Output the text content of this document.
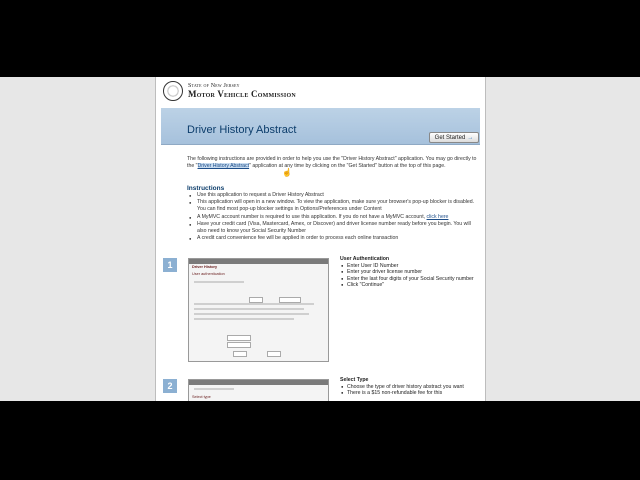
State of New Jersey
Motor Vehicle Commission
Driver History Abstract
Get Started →
The following instructions are provided in order to help you use the "Driver History Abstract" application. You may go directly to the "Driver History Abstract" application at any time by clicking on the "Get Started" button at the top of this page.
☝
Instructions
● Use this application to request a Driver History Abstract
● This application will open in a new window. To view the application, make sure your browser's pop-up blocker is disabled. You can find most pop-up blocker settings in Options/Preferences under Content
● A MyMVC account number is required to use this application. If you do not have a MyMVC account, click here
● Have your credit card (Visa, Mastercard, Amex, or Discover) and driver license number ready before you begin. You will also need to know your Social Security Number
● A credit card convenience fee will be applied in order to process each online transaction
1	Driver History
User authentication
User Authentication
● Enter User ID Number
● Enter your driver license number
● Enter the last four digits of your Social Security number
● Click "Continue"
2
Select type
Select Type
● Choose the type of driver history abstract you want
● There is a $15 non-refundable fee for this
